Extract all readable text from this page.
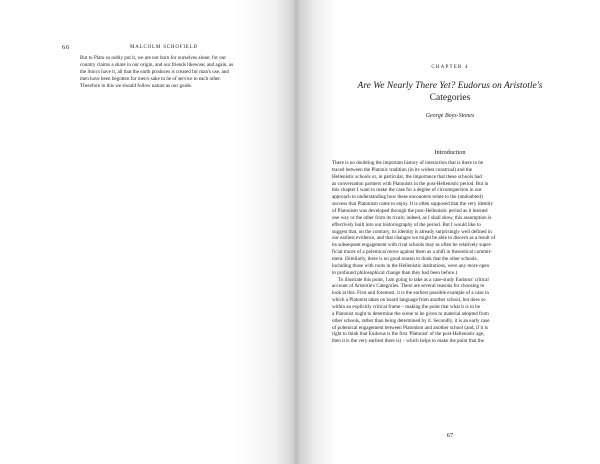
66	MALCOLM SCHOFIELD

But to Plato so nobly put it, we are not born for ourselves alone; for our
country claims a share in our origin, and our friends likewise; and again, as
the Stoics have it, all that the earth produces is created for man's use, and
men have been begotten for men's sake to be of service to each other.
Therefore in this we should follow nature as our guide.

CHAPTER 4
Are We Nearly There Yet? Eudorus on Aristotle's
Categories
George Boys-Stones
Introduction

There is no doubting the important history of interaction that is there to be
traced between the Platonic tradition (in its widest construal) and the
Hellenistic schools or, in particular, the importance that these schools had
as conversation partners with Platonists in the post-Hellenistic period. But in
this chapter I want to make the case for a degree of circumspection in our
approach to understanding how these encounters relate to the (undoubted)
success that Platonism came to enjoy. It is often supposed that the very identity
of Platonism was developed through the post-Hellenistic period as it learned
one way or the other from its rivals; indeed, as I shall show, this assumption is
effectively built into our historiography of the period. But I would like to
suggest that, on the contrary, its identity is already surprisingly well defined in
our earliest evidence, and that changes we might be able to discern as a result of
its subsequent engagement with rival schools may as often be relatively super-
ficial traces of a polemical move against them as a shift in theoretical commit-
ment. (Similarly, there is no good reason to think that the other schools,
including those with roots in the Hellenistic institutions, were any more open
to profound philosophical change than they had been before.)
To illustrate this point, I am going to take as a case-study Eudorus' critical
account of Aristotle's Categories. There are several reasons for choosing to
look at this. First and foremost, it is the earliest possible example of a case in
which a Platonist takes on board language from another school, but does so
within an explicitly critical frame – making the point that what it is to be
a Platonist ought to determine the scene to be given to material adopted from
other schools, rather than being determined by it. Secondly, it is an early case
of polemical engagement between Platonism and another school (and, if it is
right to think that Eudorus is the first 'Platonist' of the post-Hellenistic age,
then it is the very earliest there is) – which helps to make the point that the

67
